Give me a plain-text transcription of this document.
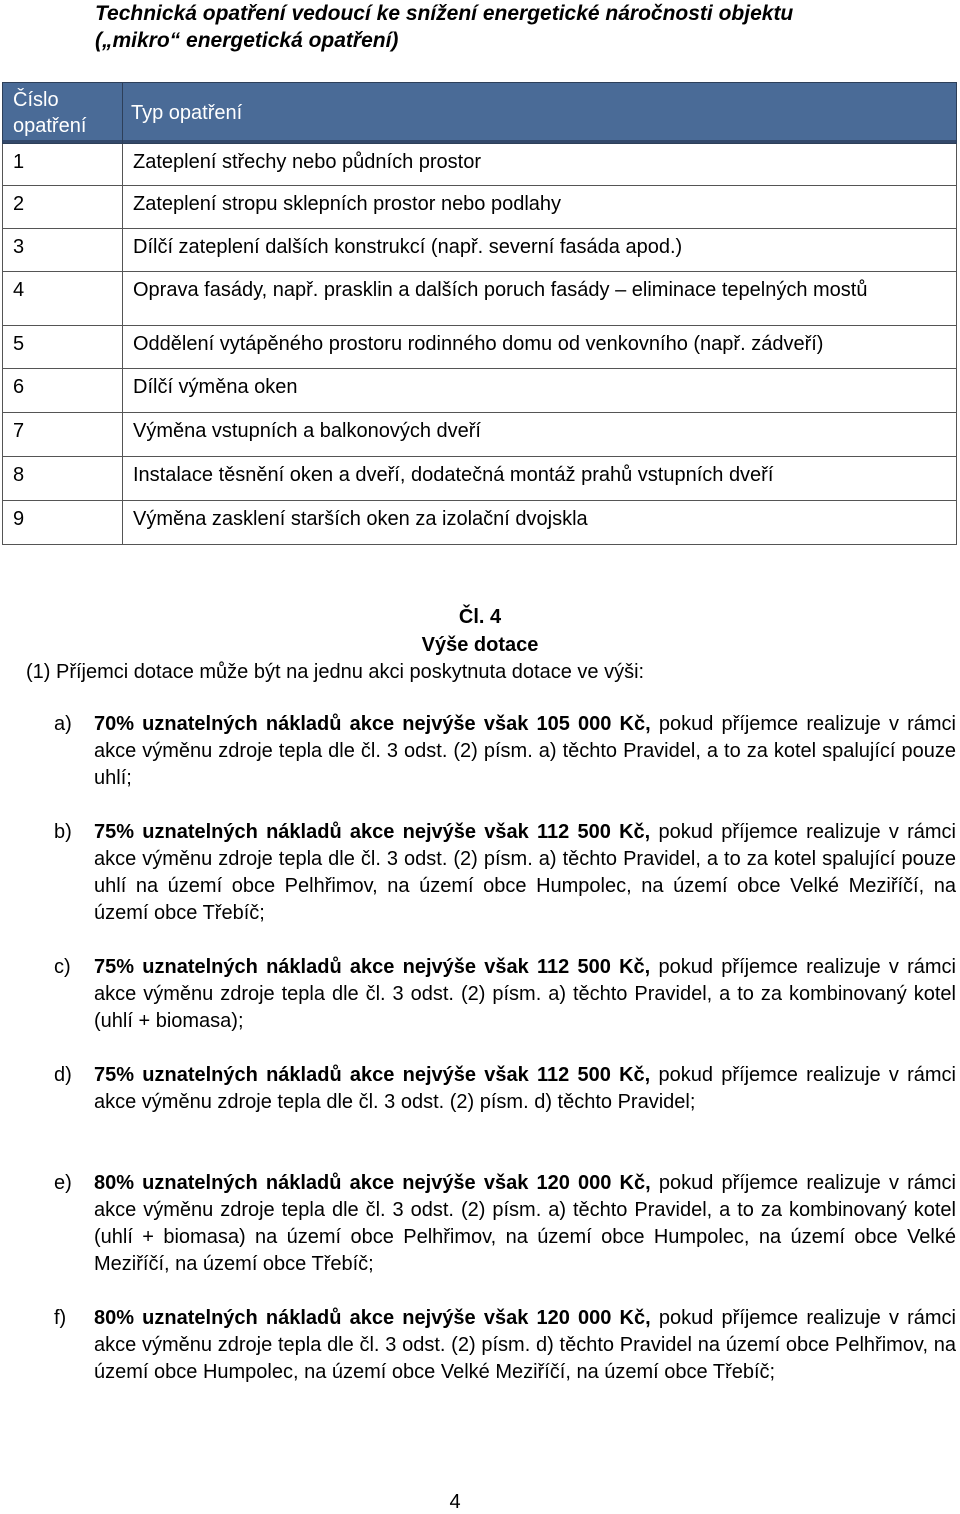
Technická opatření vedoucí ke snížení energetické náročnosti objektu
(„mikro“ energetická opatření)
Číslo
opatření	Typ opatření
1	Zateplení střechy nebo půdních prostor
2	Zateplení stropu sklepních prostor nebo podlahy
3	Dílčí zateplení dalších konstrukcí (např. severní fasáda apod.)
4	Oprava fasády, např. prasklin a dalších poruch fasády – eliminace tepelných mostů
5	Oddělení vytápěného prostoru rodinného domu od venkovního (např. zádveří)
6	Dílčí výměna oken
7	Výměna vstupních a balkonových dveří
8	Instalace těsnění oken a dveří, dodatečná montáž prahů vstupních dveří
9	Výměna zasklení starších oken za izolační dvojskla
Čl. 4
Výše dotace
(1) Příjemci dotace může být na jednu akci poskytnuta dotace ve výši:
a) 70% uznatelných nákladů akce nejvýše však 105 000 Kč, pokud příjemce realizuje v rámci akce výměnu zdroje tepla dle čl. 3 odst. (2) písm. a) těchto Pravidel, a to za kotel spalující pouze uhlí;
b) 75% uznatelných nákladů akce nejvýše však 112 500 Kč, pokud příjemce realizuje v rámci akce výměnu zdroje tepla dle čl. 3 odst. (2) písm. a) těchto Pravidel, a to za kotel spalující pouze uhlí na území obce Pelhřimov, na území obce Humpolec, na území obce Velké Meziříčí, na území obce Třebíč;
c) 75% uznatelných nákladů akce nejvýše však 112 500 Kč, pokud příjemce realizuje v rámci akce výměnu zdroje tepla dle čl. 3 odst. (2) písm. a) těchto Pravidel, a to za kombinovaný kotel (uhlí + biomasa);
d) 75% uznatelných nákladů akce nejvýše však 112 500 Kč, pokud příjemce realizuje v rámci akce výměnu zdroje tepla dle čl. 3 odst. (2) písm. d) těchto Pravidel;
e) 80% uznatelných nákladů akce nejvýše však 120 000 Kč, pokud příjemce realizuje v rámci akce výměnu zdroje tepla dle čl. 3 odst. (2) písm. a) těchto Pravidel, a to za kombinovaný kotel (uhlí + biomasa) na území obce Pelhřimov, na území obce Humpolec, na území obce Velké Meziříčí, na území obce Třebíč;
f) 80% uznatelných nákladů akce nejvýše však 120 000 Kč, pokud příjemce realizuje v rámci akce výměnu zdroje tepla dle čl. 3 odst. (2) písm. d) těchto Pravidel na území obce Pelhřimov, na území obce Humpolec, na území obce Velké Meziříčí, na území obce Třebíč;
4
